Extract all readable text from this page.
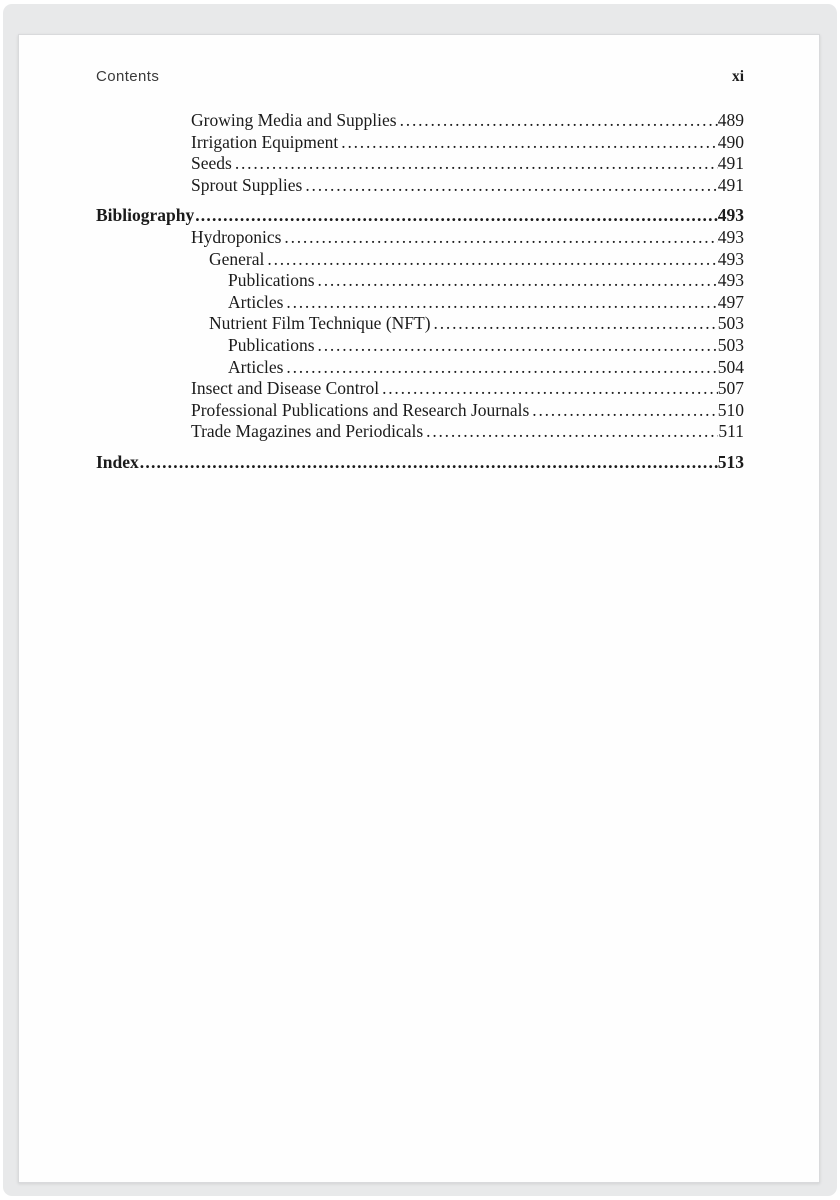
Contents	xi
Growing Media and Supplies .....	489
Irrigation Equipment .....	490
Seeds .....	491
Sprout Supplies .....	491
Bibliography .....	493
Hydroponics .....	493
General .....	493
Publications .....	493
Articles .....	497
Nutrient Film Technique (NFT) .....	503
Publications .....	503
Articles .....	504
Insect and Disease Control .....	507
Professional Publications and Research Journals .....	510
Trade Magazines and Periodicals .....	511
Index .....	513
